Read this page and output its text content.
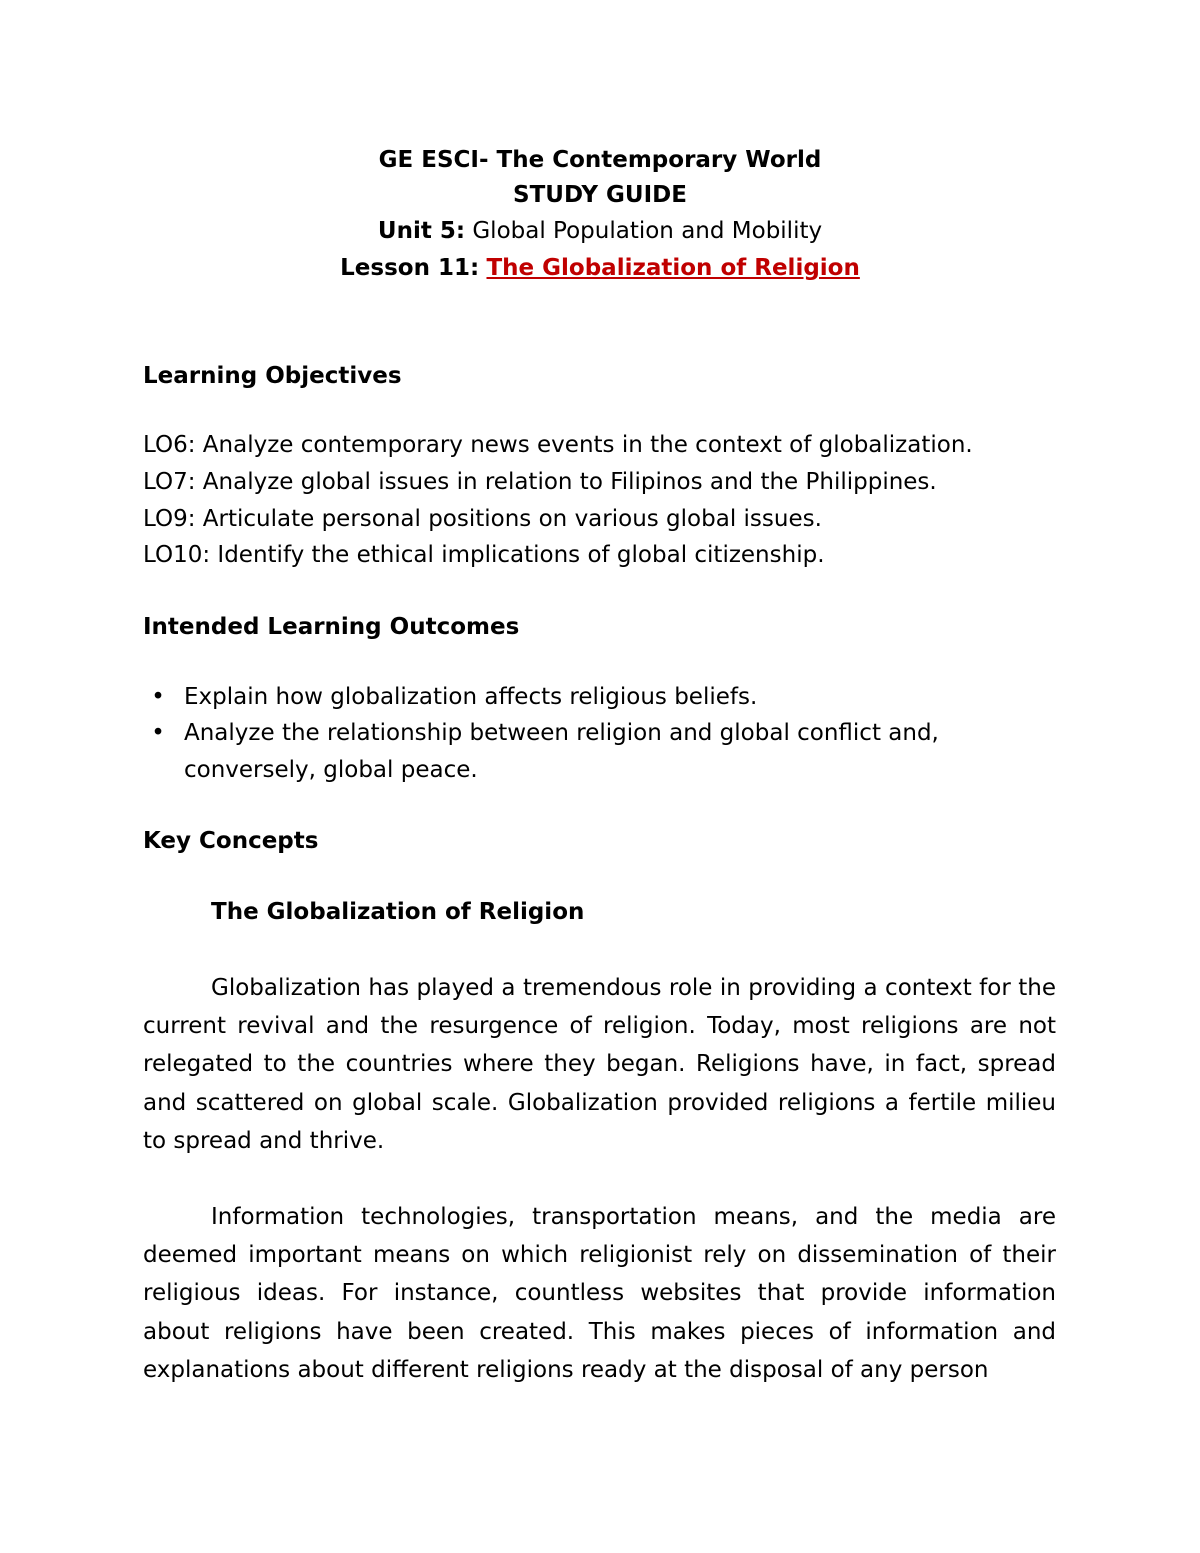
GE ESCI- The Contemporary World
STUDY GUIDE
Unit 5: Global Population and Mobility
Lesson 11: The Globalization of Religion
Learning Objectives
LO6: Analyze contemporary news events in the context of globalization.
LO7: Analyze global issues in relation to Filipinos and the Philippines.
LO9: Articulate personal positions on various global issues.
LO10: Identify the ethical implications of global citizenship.
Intended Learning Outcomes
• Explain how globalization affects religious beliefs.
• Analyze the relationship between religion and global conflict and, conversely, global peace.
Key Concepts
The Globalization of Religion
Globalization has played a tremendous role in providing a context for the current revival and the resurgence of religion. Today, most religions are not relegated to the countries where they began. Religions have, in fact, spread and scattered on global scale. Globalization provided religions a fertile milieu to spread and thrive.
Information technologies, transportation means, and the media are deemed important means on which religionist rely on dissemination of their religious ideas. For instance, countless websites that provide information about religions have been created. This makes pieces of information and explanations about different religions ready at the disposal of any person
